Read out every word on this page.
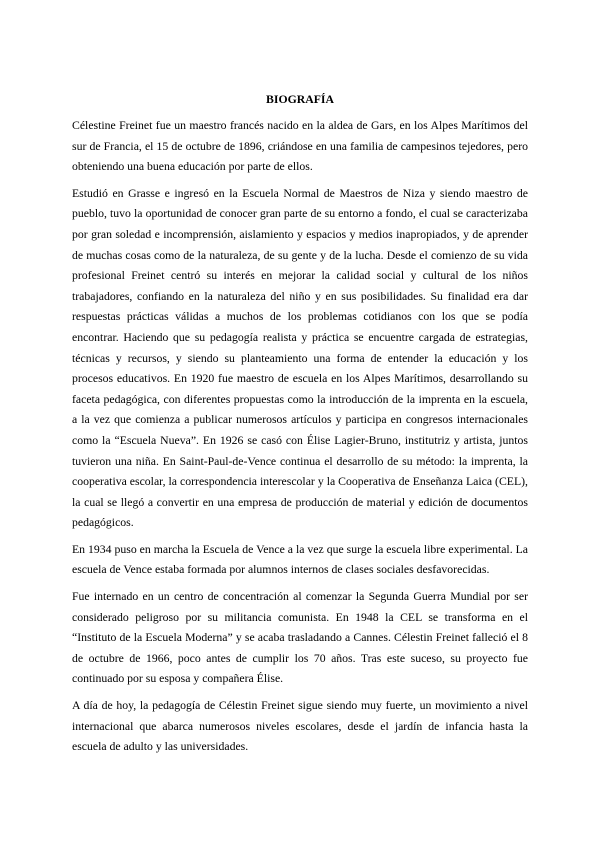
BIOGRAFÍA

Célestine Freinet fue un maestro francés nacido en la aldea de Gars, en los Alpes Marítimos del sur de Francia, el 15 de octubre de 1896, criándose en una familia de campesinos tejedores, pero obteniendo una buena educación por parte de ellos.

Estudió en Grasse e ingresó en la Escuela Normal de Maestros de Niza y siendo maestro de pueblo, tuvo la oportunidad de conocer gran parte de su entorno a fondo, el cual se caracterizaba por gran soledad e incomprensión, aislamiento y espacios y medios inapropiados, y de aprender de muchas cosas como de la naturaleza, de su gente y de la lucha. Desde el comienzo de su vida profesional Freinet centró su interés en mejorar la calidad social y cultural de los niños trabajadores, confiando en la naturaleza del niño y en sus posibilidades. Su finalidad era dar respuestas prácticas válidas a muchos de los problemas cotidianos con los que se podía encontrar. Haciendo que su pedagogía realista y práctica se encuentre cargada de estrategias, técnicas y recursos, y siendo su planteamiento una forma de entender la educación y los procesos educativos. En 1920 fue maestro de escuela en los Alpes Marítimos, desarrollando su faceta pedagógica, con diferentes propuestas como la introducción de la imprenta en la escuela, a la vez que comienza a publicar numerosos artículos y participa en congresos internacionales como la “Escuela Nueva”. En 1926 se casó con Élise Lagier-Bruno, institutriz y artista, juntos tuvieron una niña. En Saint-Paul-de-Vence continua el desarrollo de su método: la imprenta, la cooperativa escolar, la correspondencia interescolar y la Cooperativa de Enseñanza Laica (CEL), la cual se llegó a convertir en una empresa de producción de material y edición de documentos pedagógicos.

En 1934 puso en marcha la Escuela de Vence a la vez que surge la escuela libre experimental. La escuela de Vence estaba formada por alumnos internos de clases sociales desfavorecidas.

Fue internado en un centro de concentración al comenzar la Segunda Guerra Mundial por ser considerado peligroso por su militancia comunista. En 1948 la CEL se transforma en el “Instituto de la Escuela Moderna” y se acaba trasladando a Cannes. Célestin Freinet falleció el 8 de octubre de 1966, poco antes de cumplir los 70 años. Tras este suceso, su proyecto fue continuado por su esposa y compañera Élise.

A día de hoy, la pedagogía de Célestin Freinet sigue siendo muy fuerte, un movimiento a nivel internacional que abarca numerosos niveles escolares, desde el jardín de infancia hasta la escuela de adulto y las universidades.
